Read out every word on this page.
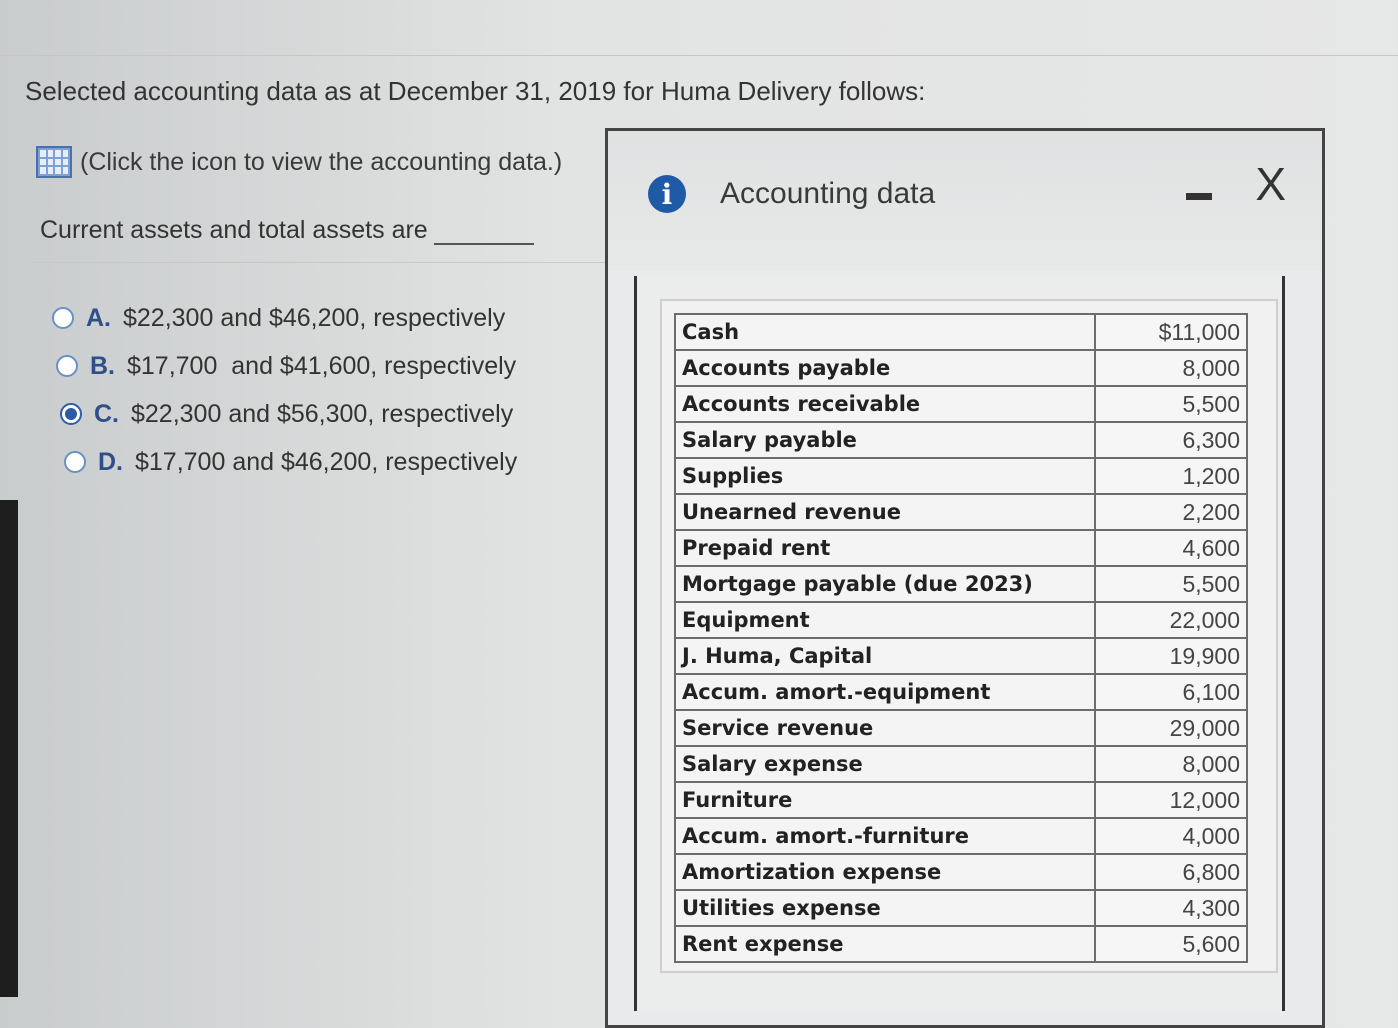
Selected accounting data as at December 31, 2019 for Huma Delivery follows:
(Click the icon to view the accounting data.)
Current assets and total assets are
A. $22,300 and $46,200, respectively
B. $17,700  and $41,600, respectively
C. $22,300 and $56,300, respectively
D. $17,700 and $46,200, respectively
i	Accounting data	X
Cash	$11,000
Accounts payable	8,000
Accounts receivable	5,500
Salary payable	6,300
Supplies	1,200
Unearned revenue	2,200
Prepaid rent	4,600
Mortgage payable (due 2023)	5,500
Equipment	22,000
J. Huma, Capital	19,900
Accum. amort.-equipment	6,100
Service revenue	29,000
Salary expense	8,000
Furniture	12,000
Accum. amort.-furniture	4,000
Amortization expense	6,800
Utilities expense	4,300
Rent expense	5,600
